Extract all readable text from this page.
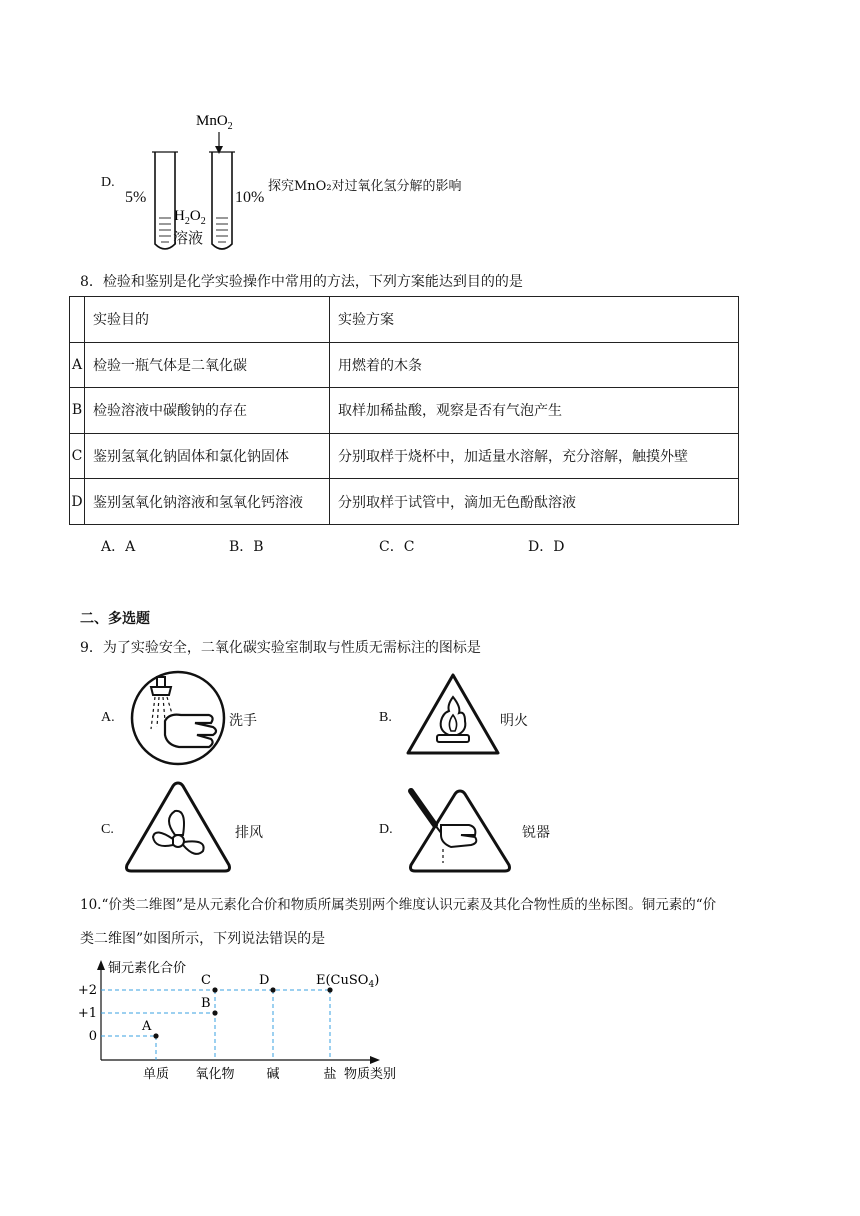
D.
MnO$_2$
$H_2O_2$
5%	10%
溶液
探究MnO₂对过氧化氢分解的影响
8．检验和鉴别是化学实验操作中常用的方法，下列方案能达到目的的是
	实验目的	实验方案
A	检验一瓶气体是二氧化碳	用燃着的木条
B	检验溶液中碳酸钠的存在	取样加稀盐酸，观察是否有气泡产生
C	鉴别氢氧化钠固体和氯化钠固体	分别取样于烧杯中，加适量水溶解，充分溶解，触摸外壁
D	鉴别氢氧化钠溶液和氢氧化钙溶液	分别取样于试管中，滴加无色酚酞溶液
A．A	B．B	C．C	D．D
二、多选题
9．为了实验安全，二氧化碳实验室制取与性质无需标注的图标是
A.	洗手	B.	明火
C.	排风	D.	锐器
10.“价类二维图”是从元素化合价和物质所属类别两个维度认识元素及其化合物性质的坐标图。铜元素的“价
类二维图”如图所示，下列说法错误的是
铜元素化合价
物质类别
+2
+1
0
单质 氧化物 碱	盐
A
B
C	D	E(CuSO$_4$)
